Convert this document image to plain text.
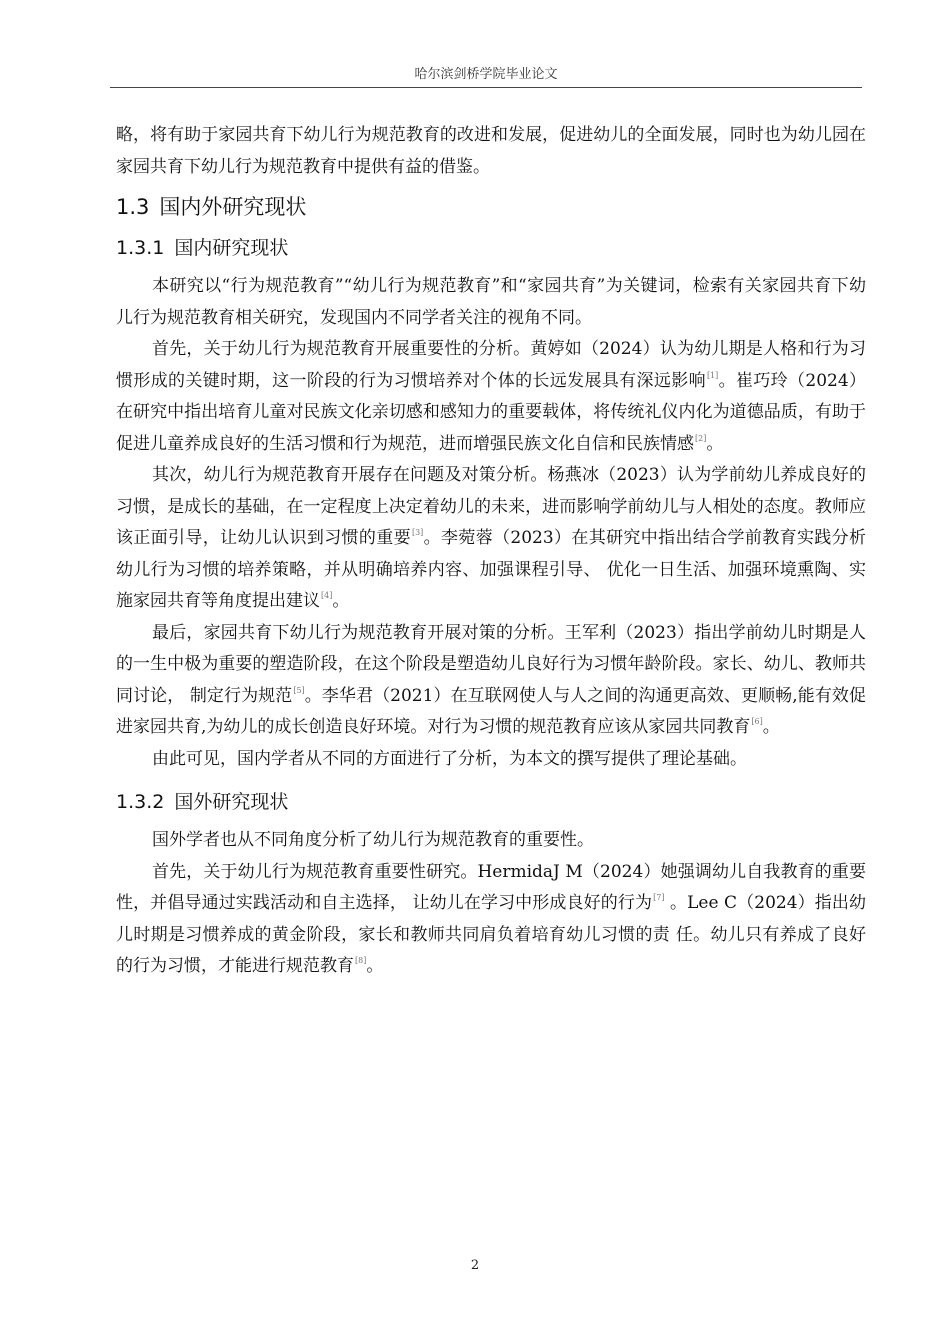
哈尔滨剑桥学院毕业论文

略，将有助于家园共育下幼儿行为规范教育的改进和发展，促进幼儿的全面发展，同时也为幼儿园在家园共育下幼儿行为规范教育中提供有益的借鉴。

1.3 国内外研究现状
1.3.1 国内研究现状

本研究以“行为规范教育”“幼儿行为规范教育”和“家园共育”为关键词，检索有关家园共育下幼儿行为规范教育相关研究，发现国内不同学者关注的视角不同。

首先，关于幼儿行为规范教育开展重要性的分析。黄婷如（2024）认为幼儿期是人格和行为习惯形成的关键时期，这一阶段的行为习惯培养对个体的长远发展具有深远影响[1]。崔巧玲（2024）在研究中指出培育儿童对民族文化亲切感和感知力的重要载体，将传统礼仪内化为道德品质，有助于促进儿童养成良好的生活习惯和行为规范，进而增强民族文化自信和民族情感[2]。

其次，幼儿行为规范教育开展存在问题及对策分析。杨燕冰（2023）认为学前幼儿养成良好的习惯，是成长的基础，在一定程度上决定着幼儿的未来，进而影响学前幼儿与人相处的态度。教师应该正面引导，让幼儿认识到习惯的重要[3]。李菀蓉（2023）在其研究中指出结合学前教育实践分析幼儿行为习惯的培养策略，并从明确培养内容、加强课程引导、 优化一日生活、加强环境熏陶、实施家园共育等角度提出建议[4]。

最后，家园共育下幼儿行为规范教育开展对策的分析。王军利（2023）指出学前幼儿时期是人的一生中极为重要的塑造阶段，在这个阶段是塑造幼儿良好行为习惯年龄阶段。家长、幼儿、教师共同讨论， 制定行为规范[5]。李华君（2021）在互联网使人与人之间的沟通更高效、更顺畅,能有效促进家园共育,为幼儿的成长创造良好环境。对行为习惯的规范教育应该从家园共同教育[6]。

由此可见，国内学者从不同的方面进行了分析，为本文的撰写提供了理论基础。

1.3.2 国外研究现状

国外学者也从不同角度分析了幼儿行为规范教育的重要性。

首先，关于幼儿行为规范教育重要性研究。HermidaJ M（2024）她强调幼儿自我教育的重要性，并倡导通过实践活动和自主选择， 让幼儿在学习中形成良好的行为[7] 。Lee C（2024）指出幼儿时期是习惯养成的黄金阶段，家长和教师共同肩负着培育幼儿习惯的责 任。幼儿只有养成了良好的行为习惯，才能进行规范教育[8]。

2
